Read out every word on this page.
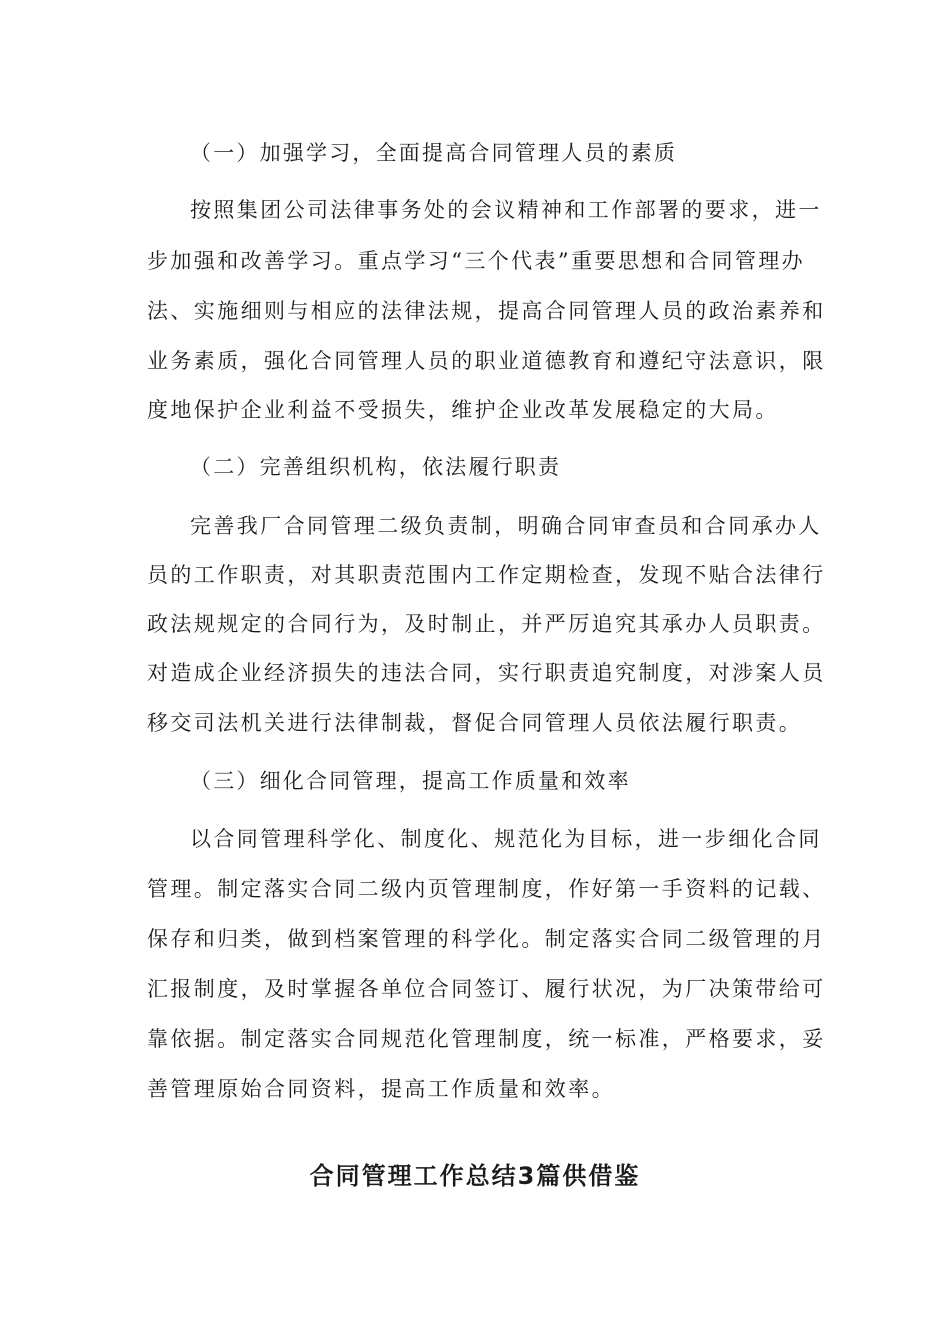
（一）加强学习，全面提高合同管理人员的素质
按照集团公司法律事务处的会议精神和工作部署的要求，进一
步加强和改善学习。重点学习“三个代表”重要思想和合同管理办
法、实施细则与相应的法律法规，提高合同管理人员的政治素养和
业务素质，强化合同管理人员的职业道德教育和遵纪守法意识，限
度地保护企业利益不受损失，维护企业改革发展稳定的大局。
（二）完善组织机构，依法履行职责
完善我厂合同管理二级负责制，明确合同审查员和合同承办人
员的工作职责，对其职责范围内工作定期检查，发现不贴合法律行
政法规规定的合同行为，及时制止，并严厉追究其承办人员职责。
对造成企业经济损失的违法合同，实行职责追究制度，对涉案人员
移交司法机关进行法律制裁，督促合同管理人员依法履行职责。
（三）细化合同管理，提高工作质量和效率
以合同管理科学化、制度化、规范化为目标，进一步细化合同
管理。制定落实合同二级内页管理制度，作好第一手资料的记载、
保存和归类，做到档案管理的科学化。制定落实合同二级管理的月
汇报制度，及时掌握各单位合同签订、履行状况，为厂决策带给可
靠依据。制定落实合同规范化管理制度，统一标准，严格要求，妥
善管理原始合同资料，提高工作质量和效率。
合同管理工作总结3篇供借鉴
